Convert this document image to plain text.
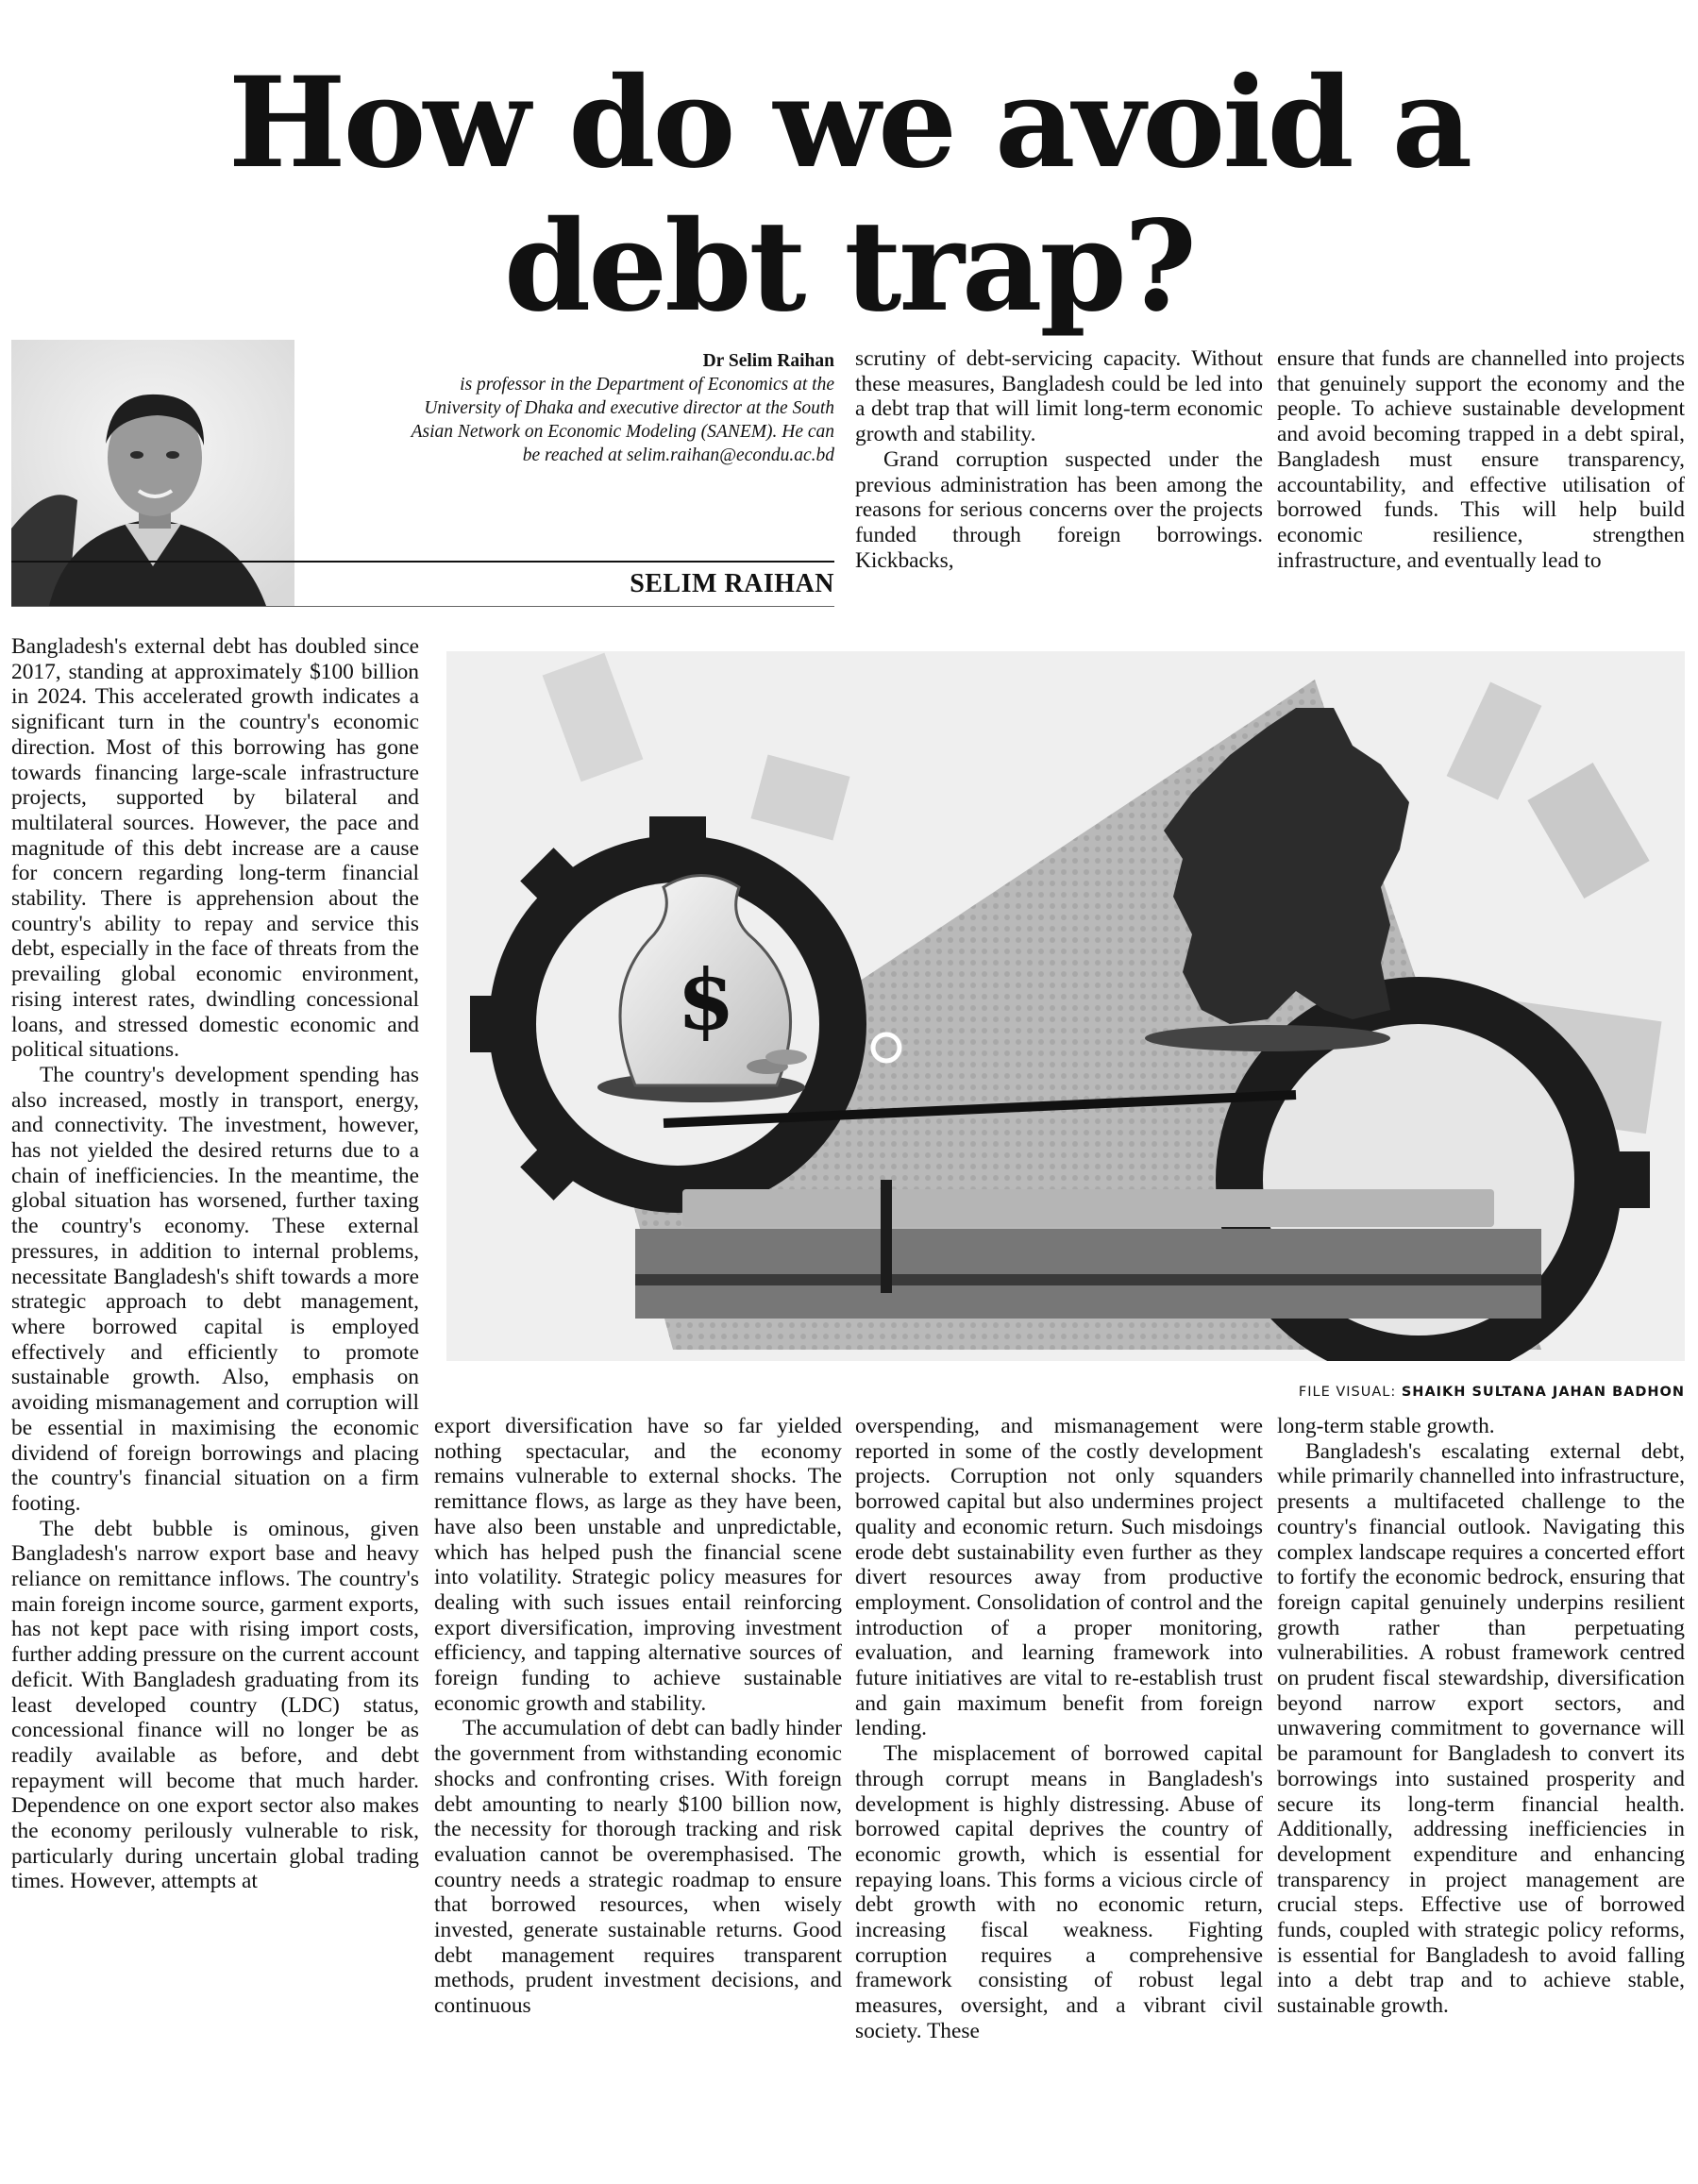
How do we avoid a
debt trap?
Dr Selim Raihan
is professor in the Department of Economics at the University of Dhaka and executive director at the South Asian Network on Economic Modeling (SANEM). He can be reached at selim.raihan@econdu.ac.bd
SELIM RAIHAN

scrutiny of debt-servicing capacity. Without these measures, Bangladesh could be led into a debt trap that will limit long-term economic growth and stability.

Grand corruption suspected under the previous administration has been among the reasons for serious concerns over the projects funded through foreign borrowings. Kickbacks,

ensure that funds are channelled into projects that genuinely support the economy and the people. To achieve sustainable development and avoid becoming trapped in a debt spiral, Bangladesh must ensure transparency, accountability, and effective utilisation of borrowed funds. This will help build economic resilience, strengthen infrastructure, and eventually lead to

$
FILE VISUAL: SHAIKH SULTANA JAHAN BADHON

Bangladesh's external debt has doubled since 2017, standing at approximately $100 billion in 2024. This accelerated growth indicates a significant turn in the country's economic direction. Most of this borrowing has gone towards financing large-scale infrastructure projects, supported by bilateral and multilateral sources. However, the pace and magnitude of this debt increase are a cause for concern regarding long-term financial stability. There is apprehension about the country's ability to repay and service this debt, especially in the face of threats from the prevailing global economic environment, rising interest rates, dwindling concessional loans, and stressed domestic economic and political situations.

The country's development spending has also increased, mostly in transport, energy, and connectivity. The investment, however, has not yielded the desired returns due to a chain of inefficiencies. In the meantime, the global situation has worsened, further taxing the country's economy. These external pressures, in addition to internal problems, necessitate Bangladesh's shift towards a more strategic approach to debt management, where borrowed capital is employed effectively and efficiently to promote sustainable growth. Also, emphasis on avoiding mismanagement and corruption will be essential in maximising the economic dividend of foreign borrowings and placing the country's financial situation on a firm footing.

The debt bubble is ominous, given Bangladesh's narrow export base and heavy reliance on remittance inflows. The country's main foreign income source, garment exports, has not kept pace with rising import costs, further adding pressure on the current account deficit. With Bangladesh graduating from its least developed country (LDC) status, concessional finance will no longer be as readily available as before, and debt repayment will become that much harder. Dependence on one export sector also makes the economy perilously vulnerable to risk, particularly during uncertain global trading times. However, attempts at

export diversification have so far yielded nothing spectacular, and the economy remains vulnerable to external shocks. The remittance flows, as large as they have been, have also been unstable and unpredictable, which has helped push the financial scene into volatility. Strategic policy measures for dealing with such issues entail reinforcing export diversification, improving investment efficiency, and tapping alternative sources of foreign funding to achieve sustainable economic growth and stability.

The accumulation of debt can badly hinder the government from withstanding economic shocks and confronting crises. With foreign debt amounting to nearly $100 billion now, the necessity for thorough tracking and risk evaluation cannot be overemphasised. The country needs a strategic roadmap to ensure that borrowed resources, when wisely invested, generate sustainable returns. Good debt management requires transparent methods, prudent investment decisions, and continuous

overspending, and mismanagement were reported in some of the costly development projects. Corruption not only squanders borrowed capital but also undermines project quality and economic return. Such misdoings erode debt sustainability even further as they divert resources away from productive employment. Consolidation of control and the introduction of a proper monitoring, evaluation, and learning framework into future initiatives are vital to re-establish trust and gain maximum benefit from foreign lending.

The misplacement of borrowed capital through corrupt means in Bangladesh's development is highly distressing. Abuse of borrowed capital deprives the country of economic growth, which is essential for repaying loans. This forms a vicious circle of debt growth with no economic return, increasing fiscal weakness. Fighting corruption requires a comprehensive framework consisting of robust legal measures, oversight, and a vibrant civil society. These

long-term stable growth.

Bangladesh's escalating external debt, while primarily channelled into infrastructure, presents a multifaceted challenge to the country's financial outlook. Navigating this complex landscape requires a concerted effort to fortify the economic bedrock, ensuring that foreign capital genuinely underpins resilient growth rather than perpetuating vulnerabilities. A robust framework centred on prudent fiscal stewardship, diversification beyond narrow export sectors, and unwavering commitment to governance will be paramount for Bangladesh to convert its borrowings into sustained prosperity and secure its long-term financial health. Additionally, addressing inefficiencies in development expenditure and enhancing transparency in project management are crucial steps. Effective use of borrowed funds, coupled with strategic policy reforms, is essential for Bangladesh to avoid falling into a debt trap and to achieve stable, sustainable growth.
